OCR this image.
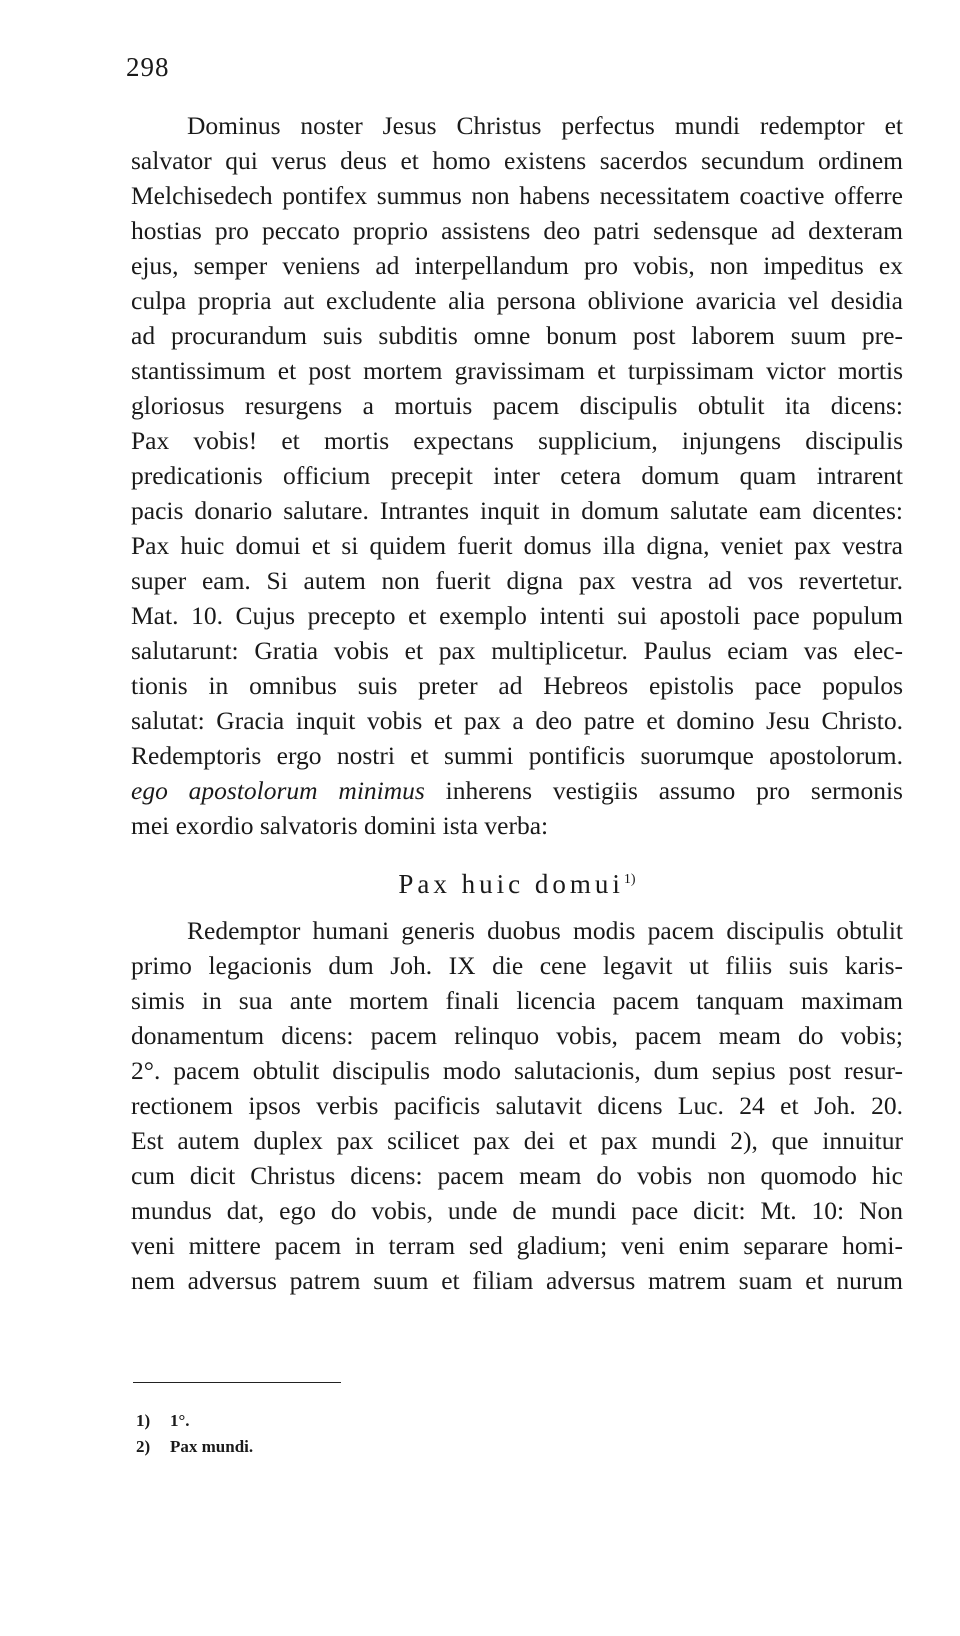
298
Dominus noster Jesus Christus perfectus mundi redemptor et
salvator qui verus deus et homo existens sacerdos secundum ordinem
Melchisedech pontifex summus non habens necessitatem coactive offerre
hostias pro peccato proprio assistens deo patri sedensque ad dexteram
ejus, semper veniens ad interpellandum pro vobis, non impeditus ex
culpa propria aut excludente alia persona oblivione avaricia vel desidia
ad procurandum suis subditis omne bonum post laborem suum pre-
stantissimum et post mortem gravissimam et turpissimam victor mortis
gloriosus resurgens a mortuis pacem discipulis obtulit ita dicens:
Pax vobis! et mortis expectans supplicium, injungens discipulis
predicationis officium precepit inter cetera domum quam intrarent
pacis donario salutare. Intrantes inquit in domum salutate eam dicentes:
Pax huic domui et si quidem fuerit domus illa digna, veniet pax vestra
super eam. Si autem non fuerit digna pax vestra ad vos revertetur.
Mat. 10. Cujus precepto et exemplo intenti sui apostoli pace populum
salutarunt: Gratia vobis et pax multiplicetur. Paulus eciam vas elec-
tionis in omnibus suis preter ad Hebreos epistolis pace populos
salutat: Gracia inquit vobis et pax a deo patre et domino Jesu Christo.
Redemptoris ergo nostri et summi pontificis suorumque apostolorum.
ego apostolorum minimus inherens vestigiis assumo pro sermonis
mei exordio salvatoris domini ista verba:
Pax huic domui$^{1)}$
Redemptor humani generis duobus modis pacem discipulis obtulit
primo legacionis dum Joh. IX die cene legavit ut filiis suis karis-
simis in sua ante mortem finali licencia pacem tanquam maximam
donamentum dicens: pacem relinquo vobis, pacem meam do vobis;
2°. pacem obtulit discipulis modo salutacionis, dum sepius post resur-
rectionem ipsos verbis pacificis salutavit dicens Luc. 24 et Joh. 20.
Est autem duplex pax scilicet pax dei et pax mundi 2), que innuitur
cum dicit Christus dicens: pacem meam do vobis non quomodo hic
mundus dat, ego do vobis, unde de mundi pace dicit: Mt. 10: Non
veni mittere pacem in terram sed gladium; veni enim separare homi-
nem adversus patrem suum et filiam adversus matrem suam et nurum
1) 1°.
2) Pax mundi.
